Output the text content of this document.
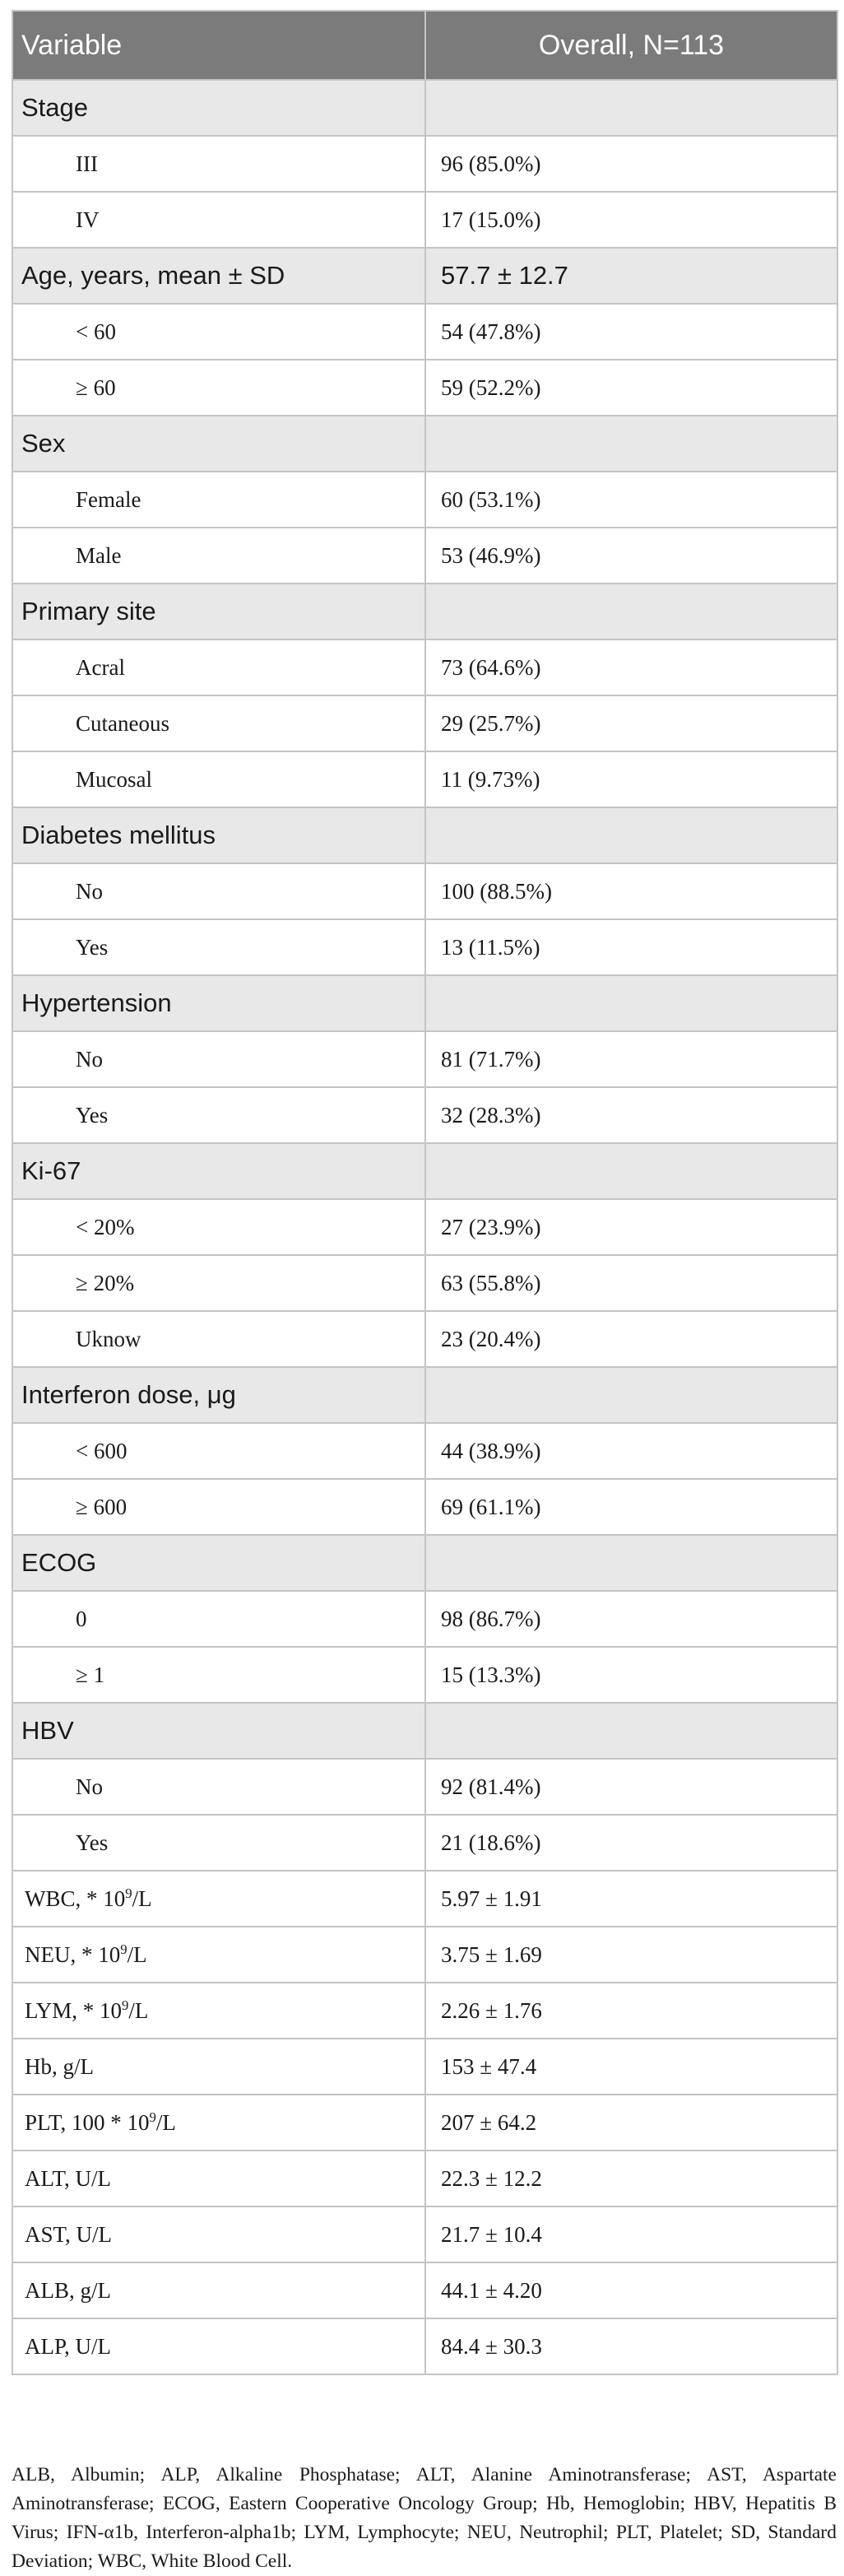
Variable	Overall, N=113
Stage	
III	96 (85.0%)
IV	17 (15.0%)
Age, years, mean ± SD	57.7 ± 12.7
< 60	54 (47.8%)
≥ 60	59 (52.2%)
Sex	
Female	60 (53.1%)
Male	53 (46.9%)
Primary site	
Acral	73 (64.6%)
Cutaneous	29 (25.7%)
Mucosal	11 (9.73%)
Diabetes mellitus	
No	100 (88.5%)
Yes	13 (11.5%)
Hypertension	
No	81 (71.7%)
Yes	32 (28.3%)
Ki-67	
< 20%	27 (23.9%)
≥ 20%	63 (55.8%)
Uknow	23 (20.4%)
Interferon dose, μg	
< 600	44 (38.9%)
≥ 600	69 (61.1%)
ECOG	
0	98 (86.7%)
≥ 1	15 (13.3%)
HBV	
No	92 (81.4%)
Yes	21 (18.6%)
WBC, * $10^9/L$	5.97 ± 1.91
NEU, * $10^9/L$	3.75 ± 1.69
LYM, * $10^9/L$	2.26 ± 1.76
Hb, g/L	153 ± 47.4
PLT, $100 * 10^9/L$	207 ± 64.2
ALT, U/L	22.3 ± 12.2
AST, U/L	21.7 ± 10.4
ALB, g/L	44.1 ± 4.20
ALP, U/L	84.4 ± 30.3
ALB, Albumin; ALP, Alkaline Phosphatase; ALT, Alanine Aminotransferase; AST, Aspartate Aminotransferase; ECOG, Eastern Cooperative Oncology Group; Hb, Hemoglobin; HBV, Hepatitis B Virus; IFN-α1b, Interferon-alpha1b; LYM, Lymphocyte; NEU, Neutrophil; PLT, Platelet; SD, Standard Deviation; WBC, White Blood Cell.
